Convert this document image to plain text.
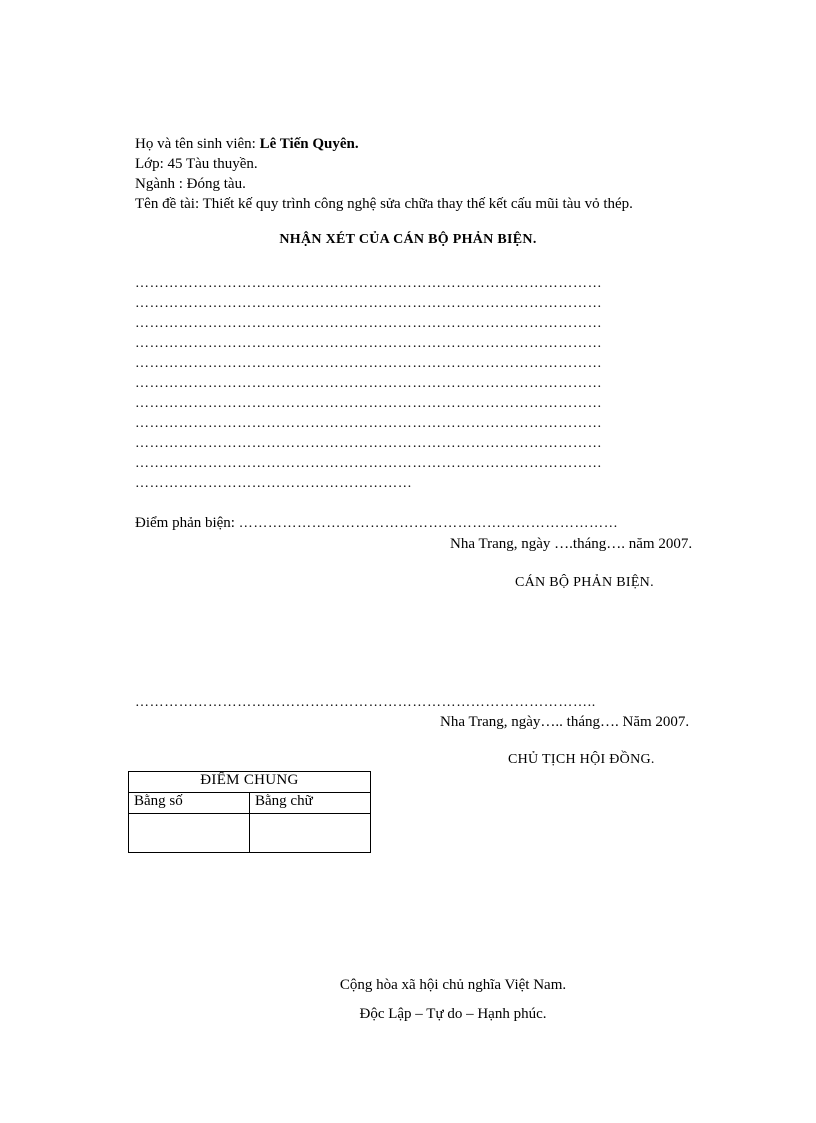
Họ và tên sinh viên: Lê Tiến Quyên.
Lớp: 45 Tàu thuyền.
Ngành : Đóng tàu.
Tên đề tài: Thiết kế quy trình công nghệ sửa chữa thay thế kết cấu mũi tàu vỏ thép.
NHẬN XÉT CỦA CÁN BỘ PHẢN BIỆN.
……………………………………………………………………………………
……………………………………………………………………………………
……………………………………………………………………………………
……………………………………………………………………………………
……………………………………………………………………………………
……………………………………………………………………………………
……………………………………………………………………………………
……………………………………………………………………………………
……………………………………………………………………………………
……………………………………………………………………………………
…………………………………………………
Điểm phản biện: ……………………………………………………………………
Nha Trang, ngày ….tháng…. năm 2007.
CÁN BỘ PHẢN BIỆN.
…………………………………………………………………………………..
Nha Trang, ngày….. tháng…. Năm 2007.
CHỦ TỊCH HỘI ĐỒNG.
ĐIỂM CHUNG	
Bằng số	Bằng chữ

Cộng hòa xã hội chủ nghĩa Việt Nam.
Độc Lập – Tự do – Hạnh phúc.
